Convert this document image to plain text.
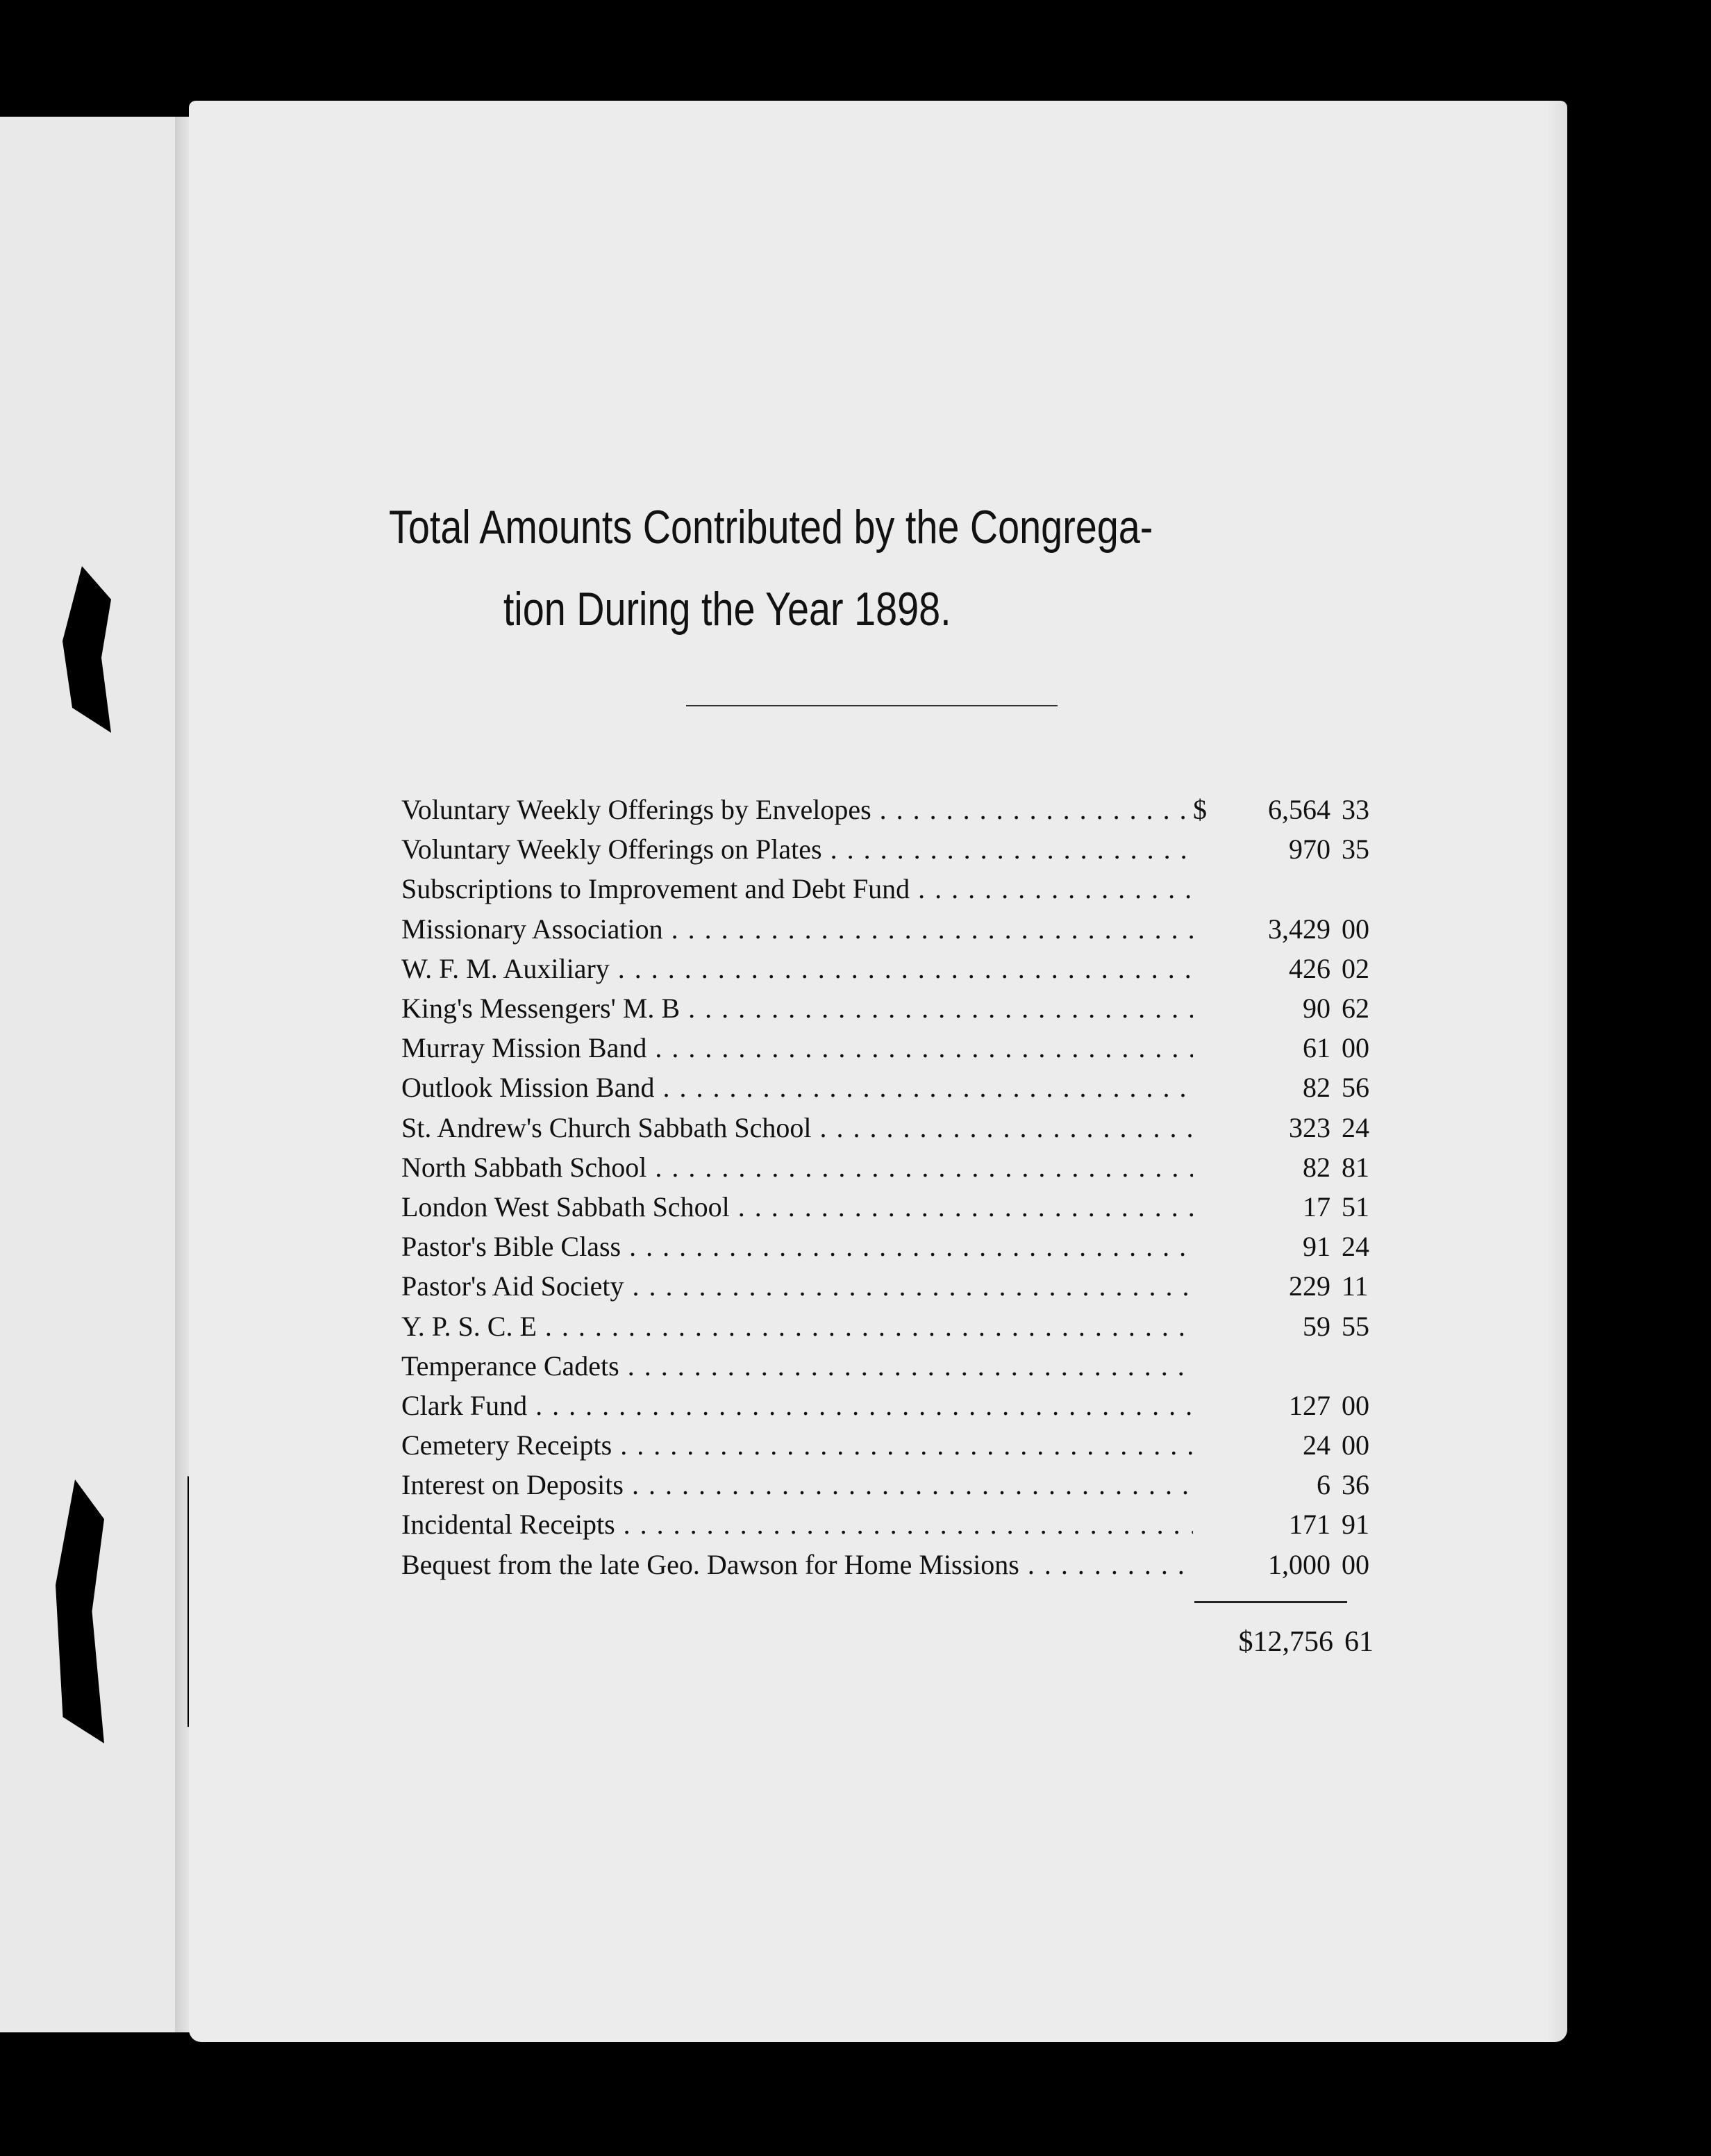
Total Amounts Contributed by the Congrega-
tion During the Year 1898.
Voluntary Weekly Offerings by Envelopes . . .	$ 6,564 33
Voluntary Weekly Offerings on Plates . . .	970 35
Subscriptions to Improvement and Debt Fund . . .
Missionary Association . . .	3,429 00
W. F. M. Auxiliary . . .	426 02
King's Messengers' M. B . . .	90 62
Murray Mission Band . . .	61 00
Outlook Mission Band . . .	82 56
St. Andrew's Church Sabbath School . . .	323 24
North Sabbath School . . .	82 81
London West Sabbath School . . .	17 51
Pastor's Bible Class . . .	91 24
Pastor's Aid Society . . .	229 11
Y. P. S. C. E . . .	59 55
Temperance Cadets . . .
Clark Fund . . .	127 00
Cemetery Receipts . . .	24 00
Interest on Deposits . . .	6 36
Incidental Receipts . . .	171 91
Bequest from the late Geo. Dawson for Home Missions . . .	1,000 00
$12,756 61
